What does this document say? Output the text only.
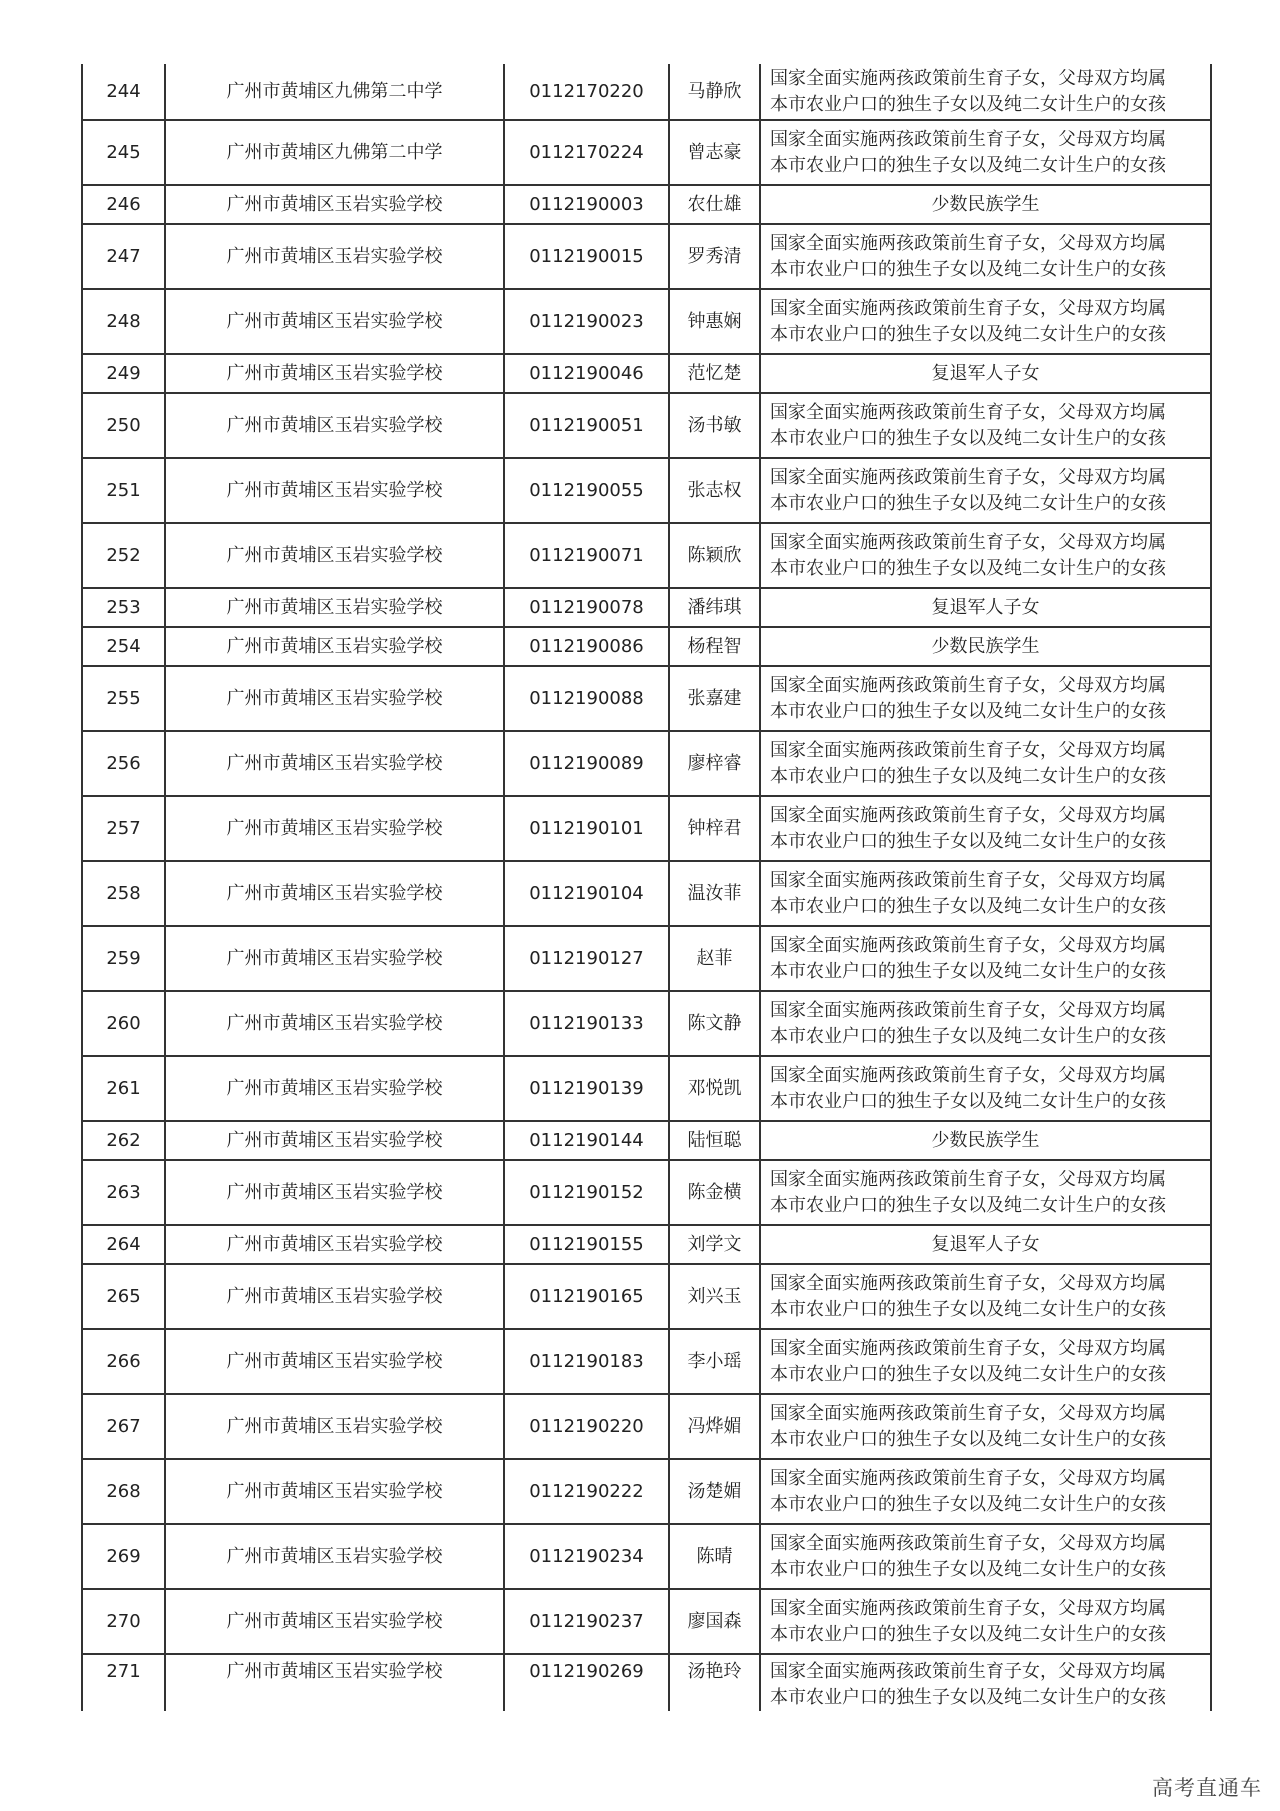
244	广州市黄埔区九佛第二中学	0112170220	马静欣	国家全面实施两孩政策前生育子女，父母双方均属
本市农业户口的独生子女以及纯二女计生户的女孩

245	广州市黄埔区九佛第二中学	0112170224	曾志豪	国家全面实施两孩政策前生育子女，父母双方均属
本市农业户口的独生子女以及纯二女计生户的女孩

246	广州市黄埔区玉岩实验学校	0112190003	农仕雄	少数民族学生

247	广州市黄埔区玉岩实验学校	0112190015	罗秀清	国家全面实施两孩政策前生育子女，父母双方均属
本市农业户口的独生子女以及纯二女计生户的女孩

248	广州市黄埔区玉岩实验学校	0112190023	钟惠娴	国家全面实施两孩政策前生育子女，父母双方均属
本市农业户口的独生子女以及纯二女计生户的女孩

249	广州市黄埔区玉岩实验学校	0112190046	范忆楚	复退军人子女

250	广州市黄埔区玉岩实验学校	0112190051	汤书敏	国家全面实施两孩政策前生育子女，父母双方均属
本市农业户口的独生子女以及纯二女计生户的女孩

251	广州市黄埔区玉岩实验学校	0112190055	张志权	国家全面实施两孩政策前生育子女，父母双方均属
本市农业户口的独生子女以及纯二女计生户的女孩

252	广州市黄埔区玉岩实验学校	0112190071	陈颖欣	国家全面实施两孩政策前生育子女，父母双方均属
本市农业户口的独生子女以及纯二女计生户的女孩

253	广州市黄埔区玉岩实验学校	0112190078	潘纬琪	复退军人子女

254	广州市黄埔区玉岩实验学校	0112190086	杨程智	少数民族学生

255	广州市黄埔区玉岩实验学校	0112190088	张嘉建	国家全面实施两孩政策前生育子女，父母双方均属
本市农业户口的独生子女以及纯二女计生户的女孩

256	广州市黄埔区玉岩实验学校	0112190089	廖梓睿	国家全面实施两孩政策前生育子女，父母双方均属
本市农业户口的独生子女以及纯二女计生户的女孩

257	广州市黄埔区玉岩实验学校	0112190101	钟梓君	国家全面实施两孩政策前生育子女，父母双方均属
本市农业户口的独生子女以及纯二女计生户的女孩

258	广州市黄埔区玉岩实验学校	0112190104	温汝菲	国家全面实施两孩政策前生育子女，父母双方均属
本市农业户口的独生子女以及纯二女计生户的女孩

259	广州市黄埔区玉岩实验学校	0112190127	赵菲	国家全面实施两孩政策前生育子女，父母双方均属
本市农业户口的独生子女以及纯二女计生户的女孩

260	广州市黄埔区玉岩实验学校	0112190133	陈文静	国家全面实施两孩政策前生育子女，父母双方均属
本市农业户口的独生子女以及纯二女计生户的女孩

261	广州市黄埔区玉岩实验学校	0112190139	邓悦凯	国家全面实施两孩政策前生育子女，父母双方均属
本市农业户口的独生子女以及纯二女计生户的女孩

262	广州市黄埔区玉岩实验学校	0112190144	陆恒聪	少数民族学生

263	广州市黄埔区玉岩实验学校	0112190152	陈金横	国家全面实施两孩政策前生育子女，父母双方均属
本市农业户口的独生子女以及纯二女计生户的女孩

264	广州市黄埔区玉岩实验学校	0112190155	刘学文	复退军人子女

265	广州市黄埔区玉岩实验学校	0112190165	刘兴玉	国家全面实施两孩政策前生育子女，父母双方均属
本市农业户口的独生子女以及纯二女计生户的女孩

266	广州市黄埔区玉岩实验学校	0112190183	李小瑶	国家全面实施两孩政策前生育子女，父母双方均属
本市农业户口的独生子女以及纯二女计生户的女孩

267	广州市黄埔区玉岩实验学校	0112190220	冯烨媚	国家全面实施两孩政策前生育子女，父母双方均属
本市农业户口的独生子女以及纯二女计生户的女孩

268	广州市黄埔区玉岩实验学校	0112190222	汤楚媚	国家全面实施两孩政策前生育子女，父母双方均属
本市农业户口的独生子女以及纯二女计生户的女孩

269	广州市黄埔区玉岩实验学校	0112190234	陈晴	国家全面实施两孩政策前生育子女，父母双方均属
本市农业户口的独生子女以及纯二女计生户的女孩

270	广州市黄埔区玉岩实验学校	0112190237	廖国森	国家全面实施两孩政策前生育子女，父母双方均属
本市农业户口的独生子女以及纯二女计生户的女孩

271	广州市黄埔区玉岩实验学校	0112190269	汤艳玲	国家全面实施两孩政策前生育子女，父母双方均属
本市农业户口的独生子女以及纯二女计生户的女孩
高考直通车
